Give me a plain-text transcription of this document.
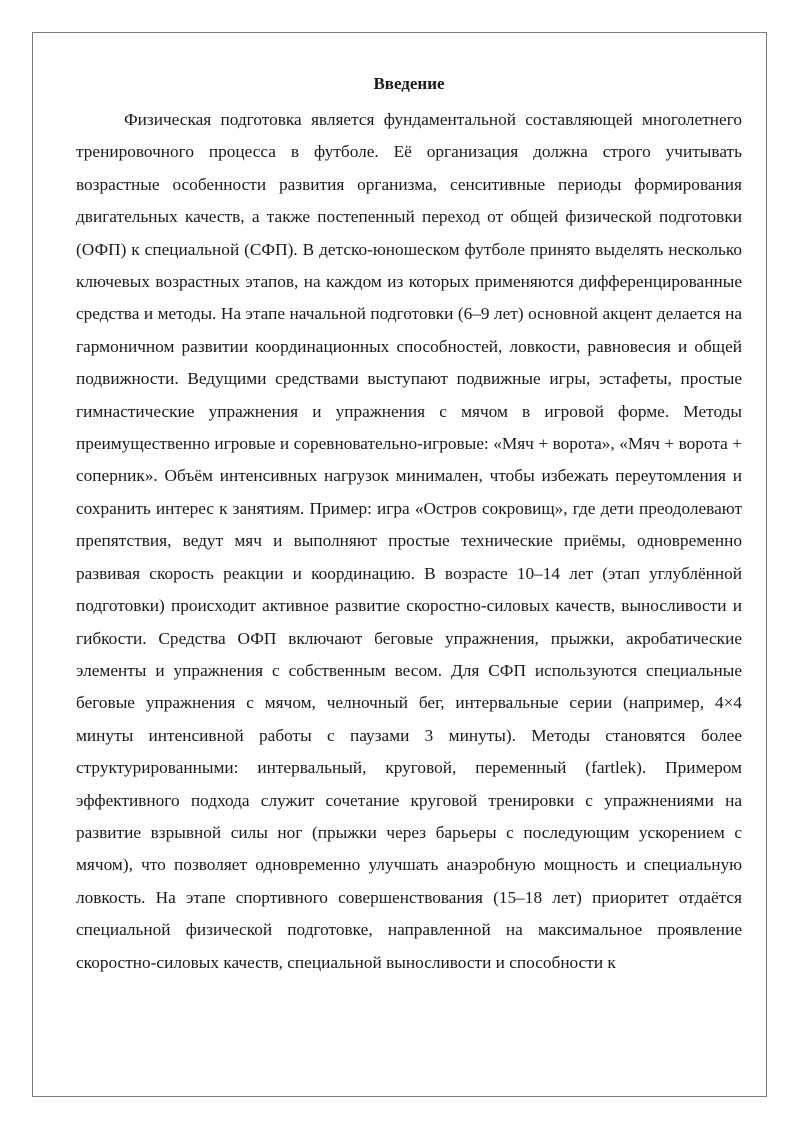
Введение

Физическая подготовка является фундаментальной составляющей многолетнего тренировочного процесса в футболе. Её организация должна строго учитывать возрастные особенности развития организма, сенситивные периоды формирования двигательных качеств, а также постепенный переход от общей физической подготовки (ОФП) к специальной (СФП). В детско-юношеском футболе принято выделять несколько ключевых возрастных этапов, на каждом из которых применяются дифференцированные средства и методы. На этапе начальной подготовки (6–9 лет) основной акцент делается на гармоничном развитии координационных способностей, ловкости, равновесия и общей подвижности. Ведущими средствами выступают подвижные игры, эстафеты, простые гимнастические упражнения и упражнения с мячом в игровой форме. Методы преимущественно игровые и соревновательно-игровые: «Мяч + ворота», «Мяч + ворота + соперник». Объём интенсивных нагрузок минимален, чтобы избежать переутомления и сохранить интерес к занятиям. Пример: игра «Остров сокровищ», где дети преодолевают препятствия, ведут мяч и выполняют простые технические приёмы, одновременно развивая скорость реакции и координацию. В возрасте 10–14 лет (этап углублённой подготовки) происходит активное развитие скоростно-силовых качеств, выносливости и гибкости. Средства ОФП включают беговые упражнения, прыжки, акробатические элементы и упражнения с собственным весом. Для СФП используются специальные беговые упражнения с мячом, челночный бег, интервальные серии (например, 4×4 минуты интенсивной работы с паузами 3 минуты). Методы становятся более структурированными: интервальный, круговой, переменный (fartlek). Примером эффективного подхода служит сочетание круговой тренировки с упражнениями на развитие взрывной силы ног (прыжки через барьеры с последующим ускорением с мячом), что позволяет одновременно улучшать анаэробную мощность и специальную ловкость. На этапе спортивного совершенствования (15–18 лет) приоритет отдаётся специальной физической подготовке, направленной на максимальное проявление скоростно-силовых качеств, специальной выносливости и способности к
